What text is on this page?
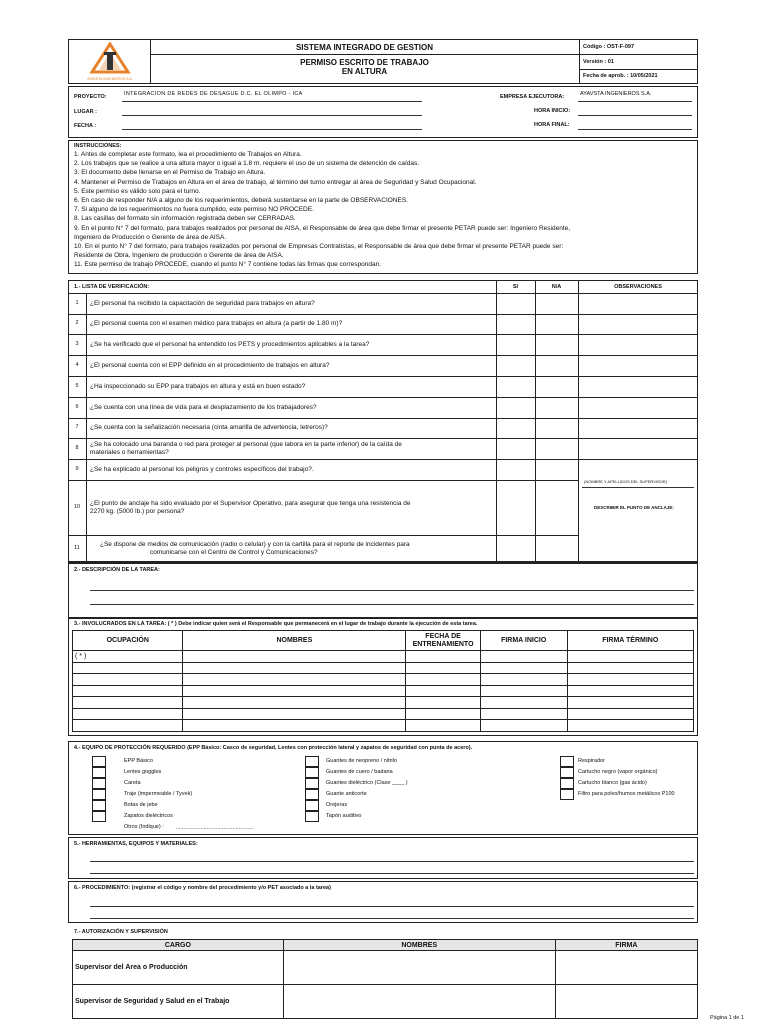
AYAVSTA INGENIEROS S.A.
SISTEMA INTEGRADO DE GESTION
PERMISO ESCRITO DE TRABAJO
EN ALTURA
Código : OST-F-097
Versión : 01
Fecha de aprob. : 10/05/2021
PROYECTO:	INTEGRACION DE REDES DE DESAGUE D.C. EL OLIMPO - ICA
LUGAR :
FECHA :
EMPRESA EJECUTORA:	AYAVSTA INGENIEROS S.A.
HORA INICIO:
HORA FINAL:
INSTRUCCIONES:
1. Antes de completar este formato, lea el procedimiento de Trabajos en Altura.
2. Los trabajos que se realice a una altura mayor o igual a 1.8 m. requiere el uso de un sistema de detención de caídas.
3. El documento debe llenarse en el Permiso de Trabajo en Altura.
4. Mantener el Permiso de Trabajos en Altura en el área de trabajo, al término del turno entregar al área de Seguridad y Salud Ocupacional.
5. Este permiso es válido solo para el turno.
6. En caso de responder N/A a alguno de los requerimientos, deberá sustentarse en la parte de OBSERVACIONES.
7. Si alguno de los requerimientos no fuera cumplido, este permiso NO PROCEDE.
8. Las casillas del formato sin información registrada deben ser CERRADAS.
9. En el punto N° 7 del formato, para trabajos realizados por personal de AISA, el Responsable de área que debe firmar el presente PETAR puede ser: Ingeniero Residente,
Ingeniero de Producción o Gerente de área de AISA.
10. En el punto N° 7 del formato, para trabajos realizados por personal de Empresas Contratistas, el Responsable de área que debe firmar el presente PETAR puede ser:
Residente de Obra, Ingeniero de producción o Gerente de área de AISA.
11. Este permiso de trabajo PROCEDE, cuando el punto N° 7 contiene todas las firmas que correspondan.
1.- LISTA DE VERIFICACIÓN:	SI	N/A	OBSERVACIONES
1	¿El personal ha recibido la capacitación de seguridad para trabajos en altura?
2	¿El personal cuenta con el examen médico para trabajos en altura (a partir de 1.80 m)?
3	¿Se ha verificado que el personal ha entendido los PETS y procedimientos aplicables a la tarea?
4	¿El personal cuenta con el EPP definido en el procedimiento de trabajos en altura?
5	¿Ha inspeccionado su EPP para trabajos en altura y está en buen estado?
6	¿Se cuenta con una línea de vida para el desplazamiento de los trabajadores?
7	¿Se cuenta con la señalización necesaria (cinta amarilla de advertencia, letreros)?
8	¿Se ha colocado una baranda o red para proteger al personal (que labora en la parte inferior) de la caída de
materiales o herramientas?
9	¿Se ha explicado al personal los peligros y controles específicos del trabajo?.
10	¿El punto de anclaje ha sido evaluado por el Supervisor Operativo, para asegurar que tenga una resistencia de
2270 kg. (5000 lb.) por persona?
11	¿Se dispone de medios de comunicación (radio o celular) y con la cartilla para el reporte de incidentes para
comunicarse con el Centro de Control y Comunicaciones?
(NOMBRE Y APELLIDOS DEL SUPERVISOR)
DESCRIBIR EL PUNTO DE ANCLAJE:
2.- DESCRIPCIÓN DE LA TAREA:
3.- INVOLUCRADOS EN LA TAREA: ( * ) Debe indicar quien será el Responsable que permanecerá en el lugar de trabajo durante la ejecución de esta tarea.
OCUPACIÓN	NOMBRES	FECHA DE ENTRENAMIENTO	FIRMA INICIO	FIRMA TÉRMINO
( * )				

4.- EQUIPO DE PROTECCIÓN REQUERIDO (EPP Básico: Casco de seguridad, Lentes con protección lateral y zapatos de seguridad con punta de acero).
EPP Básico
Lentes goggles
Careta
Traje (impermeable / Tyvek)
Botas de jebe
Zapatos dieléctricos
Otros (Indique) :
Guantes de neopreno / nitrilo
Guantes de cuero / badana
Guantes dieléctrico (Clase ____ )
Guante anticorte
Orejeras
Tapón auditivo
Respirador
Cartucho negro (vapor orgánico)
Cartucho blanco (gas ácido)
Filtro para polvo/humos metálicos P100
...................................................
5.- HERRAMIENTAS, EQUIPOS Y MATERIALES:
6.- PROCEDIMIENTO: (registrar el código y nombre del procedimiento y/o PET asociado a la tarea)
7.- AUTORIZACIÓN Y SUPERVISIÓN
CARGO	NOMBRES	FIRMA
Supervisor del Area o Producción		
Supervisor de Seguridad y Salud en el Trabajo		
Página 1 de 1
